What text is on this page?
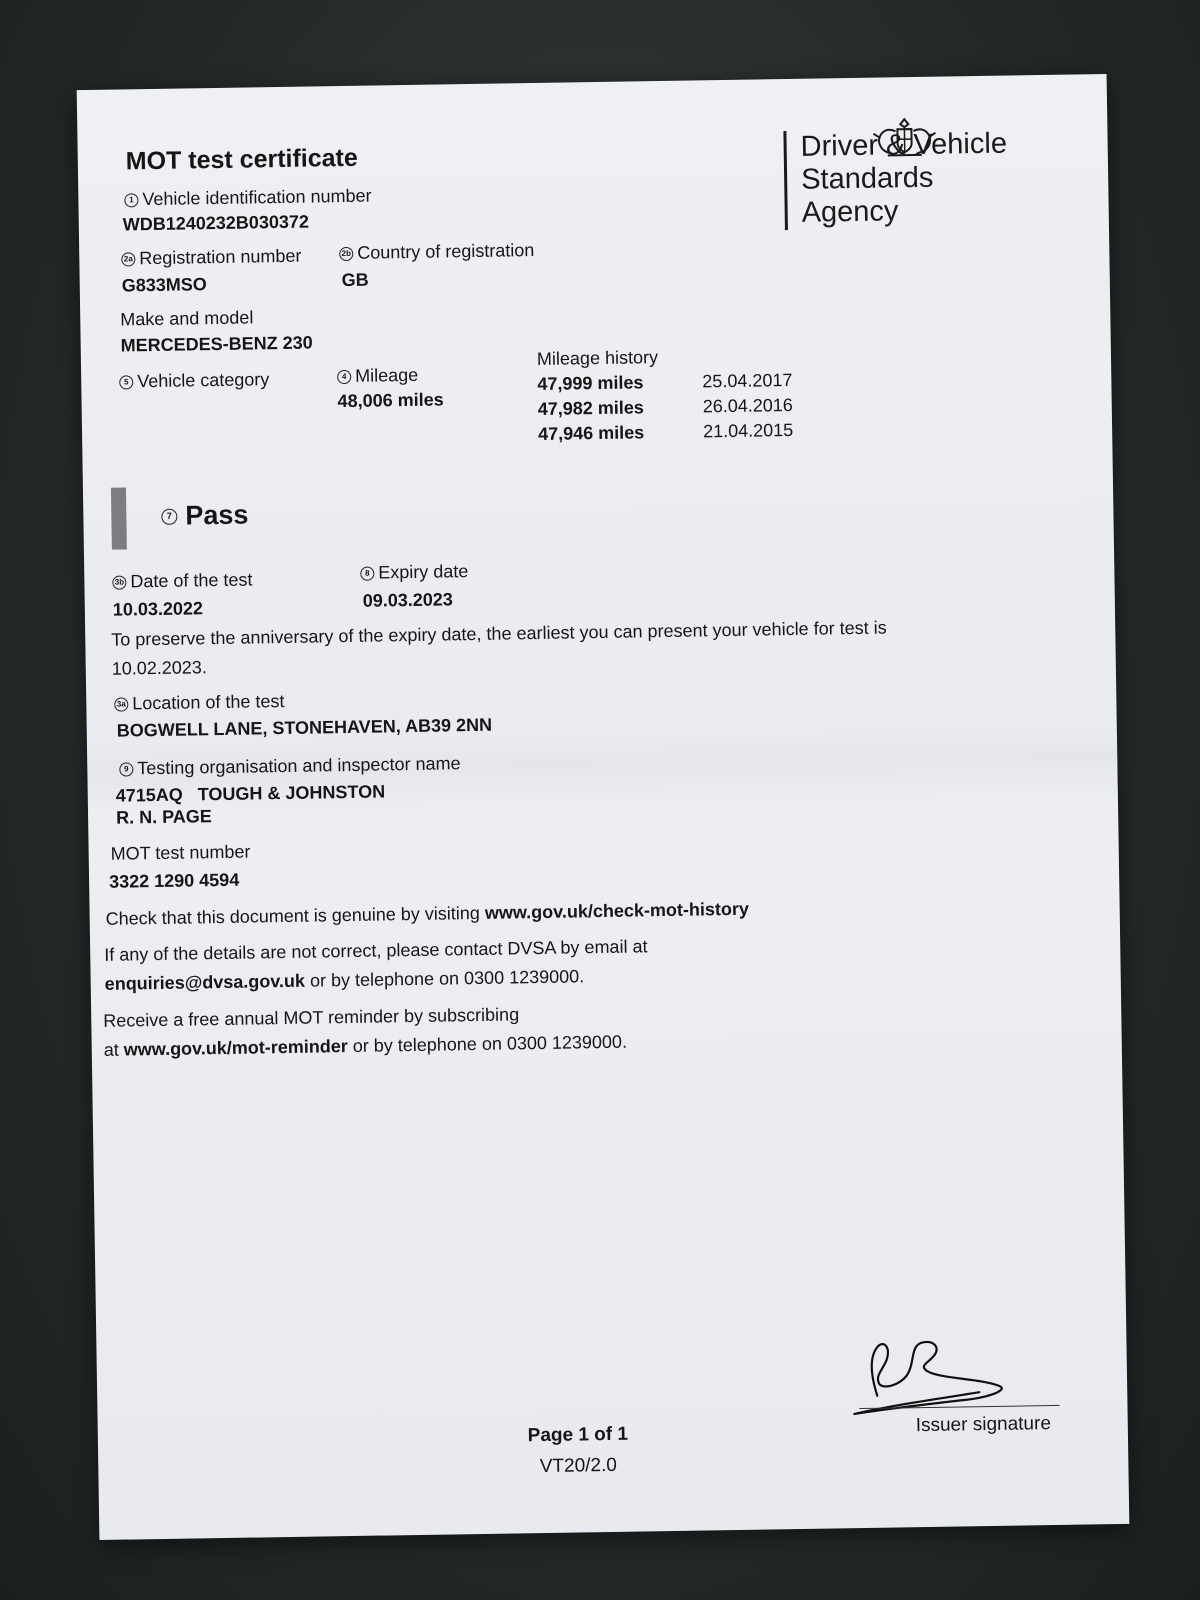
MOT test certificate	Driver & Vehicle
Standards
Agency
1 Vehicle identification number
WDB1240232B030372
2a Registration number
G833MSO
2b Country of registration
GB
Make and model
MERCEDES-BENZ 230
5 Vehicle category	4 Mileage
48,006 miles
Mileage history
47,999 miles	25.04.2017
47,982 miles	26.04.2016
47,946 miles	21.04.2015
7 Pass
3b Date of the test
10.03.2022
8 Expiry date
09.03.2023
To preserve the anniversary of the expiry date, the earliest you can present your vehicle for test is 10.02.2023.
3a Location of the test
BOGWELL LANE, STONEHAVEN, AB39 2NN
9 Testing organisation and inspector name
4715AQ   TOUGH & JOHNSTON
R. N. PAGE
MOT test number
3322 1290 4594
Check that this document is genuine by visiting www.gov.uk/check-mot-history
If any of the details are not correct, please contact DVSA by email at
enquiries@dvsa.gov.uk or by telephone on 0300 1239000.
Receive a free annual MOT reminder by subscribing
at www.gov.uk/mot-reminder or by telephone on 0300 1239000.
Issuer signature
Page 1 of 1
VT20/2.0
